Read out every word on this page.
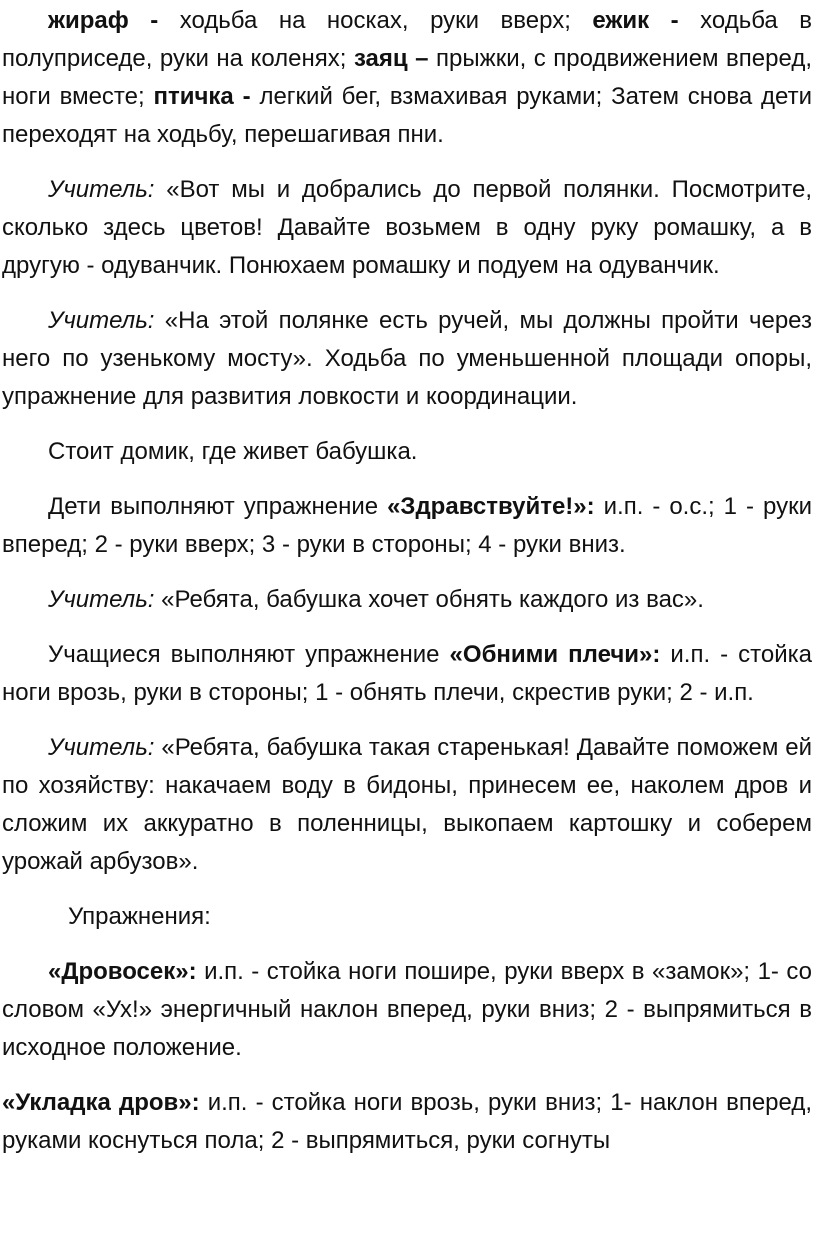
жираф - ходьба на носках, руки вверх; ежик - ходьба в полуприседе, руки на коленях; заяц – прыжки, с продвижением вперед, ноги вместе; птичка - легкий бег, взмахивая руками; Затем снова дети переходят на ходьбу, перешагивая пни.

Учитель: «Вот мы и добрались до первой полянки. Посмотрите, сколько здесь цветов! Давайте возьмем в одну руку ромашку, а в другую - одуванчик. Понюхаем ромашку и подуем на одуванчик.

Учитель: «На этой полянке есть ручей, мы должны пройти через него по узенькому мосту». Ходьба по уменьшенной площади опоры, упражнение для развития ловкости и координации.

Стоит домик, где живет бабушка.

Дети выполняют упражнение «Здравствуйте!»: и.п. - о.с.; 1 - руки вперед; 2 - руки вверх; 3 - руки в стороны; 4 - руки вниз.

Учитель: «Ребята, бабушка хочет обнять каждого из вас».

Учащиеся выполняют упражнение «Обними плечи»: и.п. - стойка ноги врозь, руки в стороны; 1 - обнять плечи, скрестив руки; 2 - и.п.

Учитель: «Ребята, бабушка такая старенькая! Давайте поможем ей по хозяйству: накачаем воду в бидоны, принесем ее, наколем дров и сложим их аккуратно в поленницы, выкопаем картошку и соберем урожай арбузов».

Упражнения:

«Дровосек»: и.п. - стойка ноги пошире, руки вверх в «замок»; 1- со словом «Ух!» энергичный наклон вперед, руки вниз; 2 - выпрямиться в исходное положение.

«Укладка дров»: и.п. - стойка ноги врозь, руки вниз; 1- наклон вперед, руками коснуться пола; 2 - выпрямиться, руки согнуты
